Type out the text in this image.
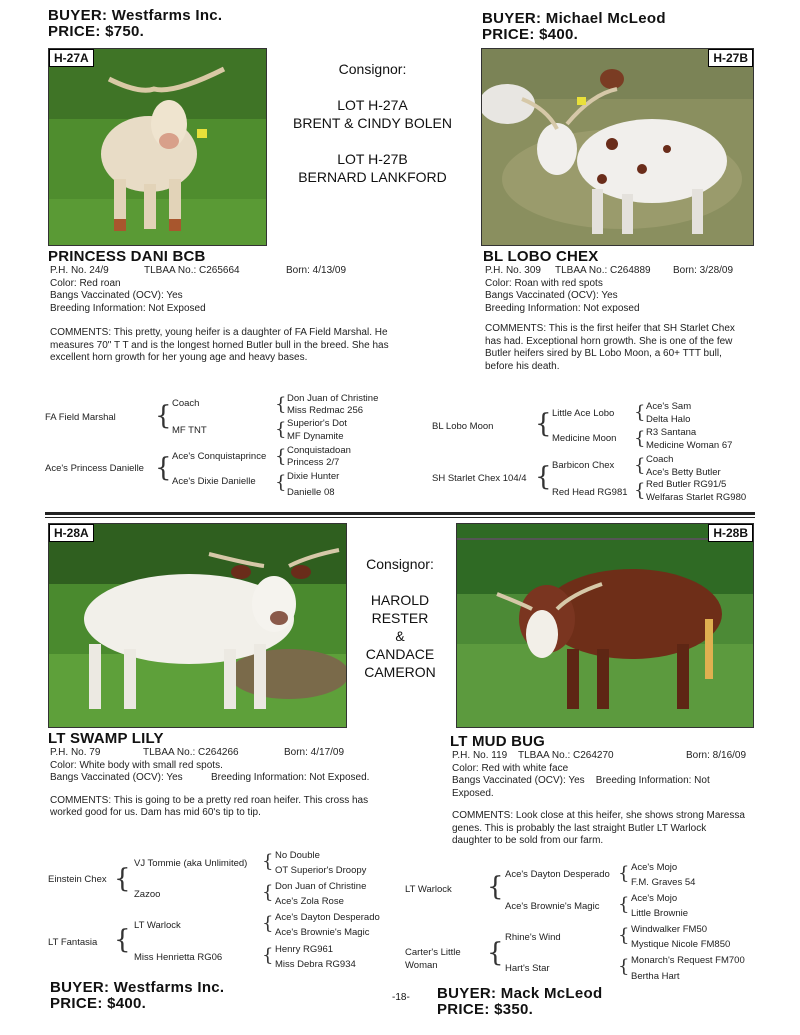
BUYER: Westfarms Inc.
PRICE: $750.
BUYER: Michael McLeod
PRICE: $400.
H-27A	H-27B
Consignor:
LOT H-27A
BRENT & CINDY BOLEN
LOT H-27B
BERNARD LANKFORD
PRINCESS DANI BCB
P.H. No. 24/9	TLBAA No.: C265664	Born: 4/13/09
Color: Red roan
Bangs Vaccinated (OCV): Yes
Breeding Information: Not Exposed
COMMENTS: This pretty, young heifer is a daughter of FA Field Marshal. He measures 70" T T and is the longest horned Butler bull in the breed. She has excellent horn growth for her young age and heavy bases.
BL LOBO CHEX
P.H. No. 309 TLBAA No.: C264889 Born: 3/28/09
Color: Roan with red spots
Bangs Vaccinated (OCV): Yes
Breeding Information: Not exposed
COMMENTS: This is the first heifer that SH Starlet Chex has had. Exceptional horn growth. She is one of the few Butler heifers sired by BL Lobo Moon, a 60+ TTT bull, before his death.
FA Field Marshal { Coach
MF TNT
{ Don Juan of Christine
Miss Redmac 256
{ Superior's Dot
MF Dynamite
Ace's Princess Danielle { Ace's Conquistaprince
Ace's Dixie Danielle
{ Conquistadoan
Princess 2/7
{ Dixie Hunter
Danielle 08
BL Lobo Moon { Little Ace Lobo
Medicine Moon
{ Ace's Sam
Delta Halo
{ R3 Santana
Medicine Woman 67
SH Starlet Chex 104/4 { Barbicon Chex
Red Head RG981
{ Coach
Ace's Betty Butler
{ Red Butler RG91/5
Welfaras Starlet RG980
H-28A	H-28B
Consignor:
HAROLD
RESTER
&
CANDACE
CAMERON
LT SWAMP LILY
P.H. No. 79	TLBAA No.: C264266	Born: 4/17/09
Color: White body with small red spots.
Bangs Vaccinated (OCV): Yes	Breeding Information: Not Exposed.
COMMENTS: This is going to be a pretty red roan heifer. This cross has worked good for us. Dam has mid 60's tip to tip.
LT MUD BUG
P.H. No. 119 TLBAA No.: C264270	Born: 8/16/09
Color: Red with white face
Bangs Vaccinated (OCV): Yes Breeding Information: Not Exposed.
COMMENTS: Look close at this heifer, she shows strong Maressa genes. This is probably the last straight Butler LT Warlock daughter to be sold from our farm.
Einstein Chex {
VJ Tommie (aka Unlimited)
Zazoo
{ No Double
OT Superior's Droopy
{ Don Juan of Christine
Ace's Zola Rose
LT Fantasia { LT Warlock
Miss Henrietta RG06
{ Ace's Dayton Desperado
Ace's Brownie's Magic
{ Henry RG961
Miss Debra RG934
LT Warlock { Ace's Dayton Desperado
Ace's Brownie's Magic
{ Ace's Mojo
F.M. Graves 54
{ Ace's Mojo
Little Brownie
Carter's Little Woman	{
Rhine's Wind
Hart's Star
{ Windwalker FM50
Mystique Nicole FM850
{ Monarch's Request FM700
Bertha Hart
BUYER: Westfarms Inc.
PRICE: $400.	-18- BUYER: Mack McLeod
PRICE: $350.
